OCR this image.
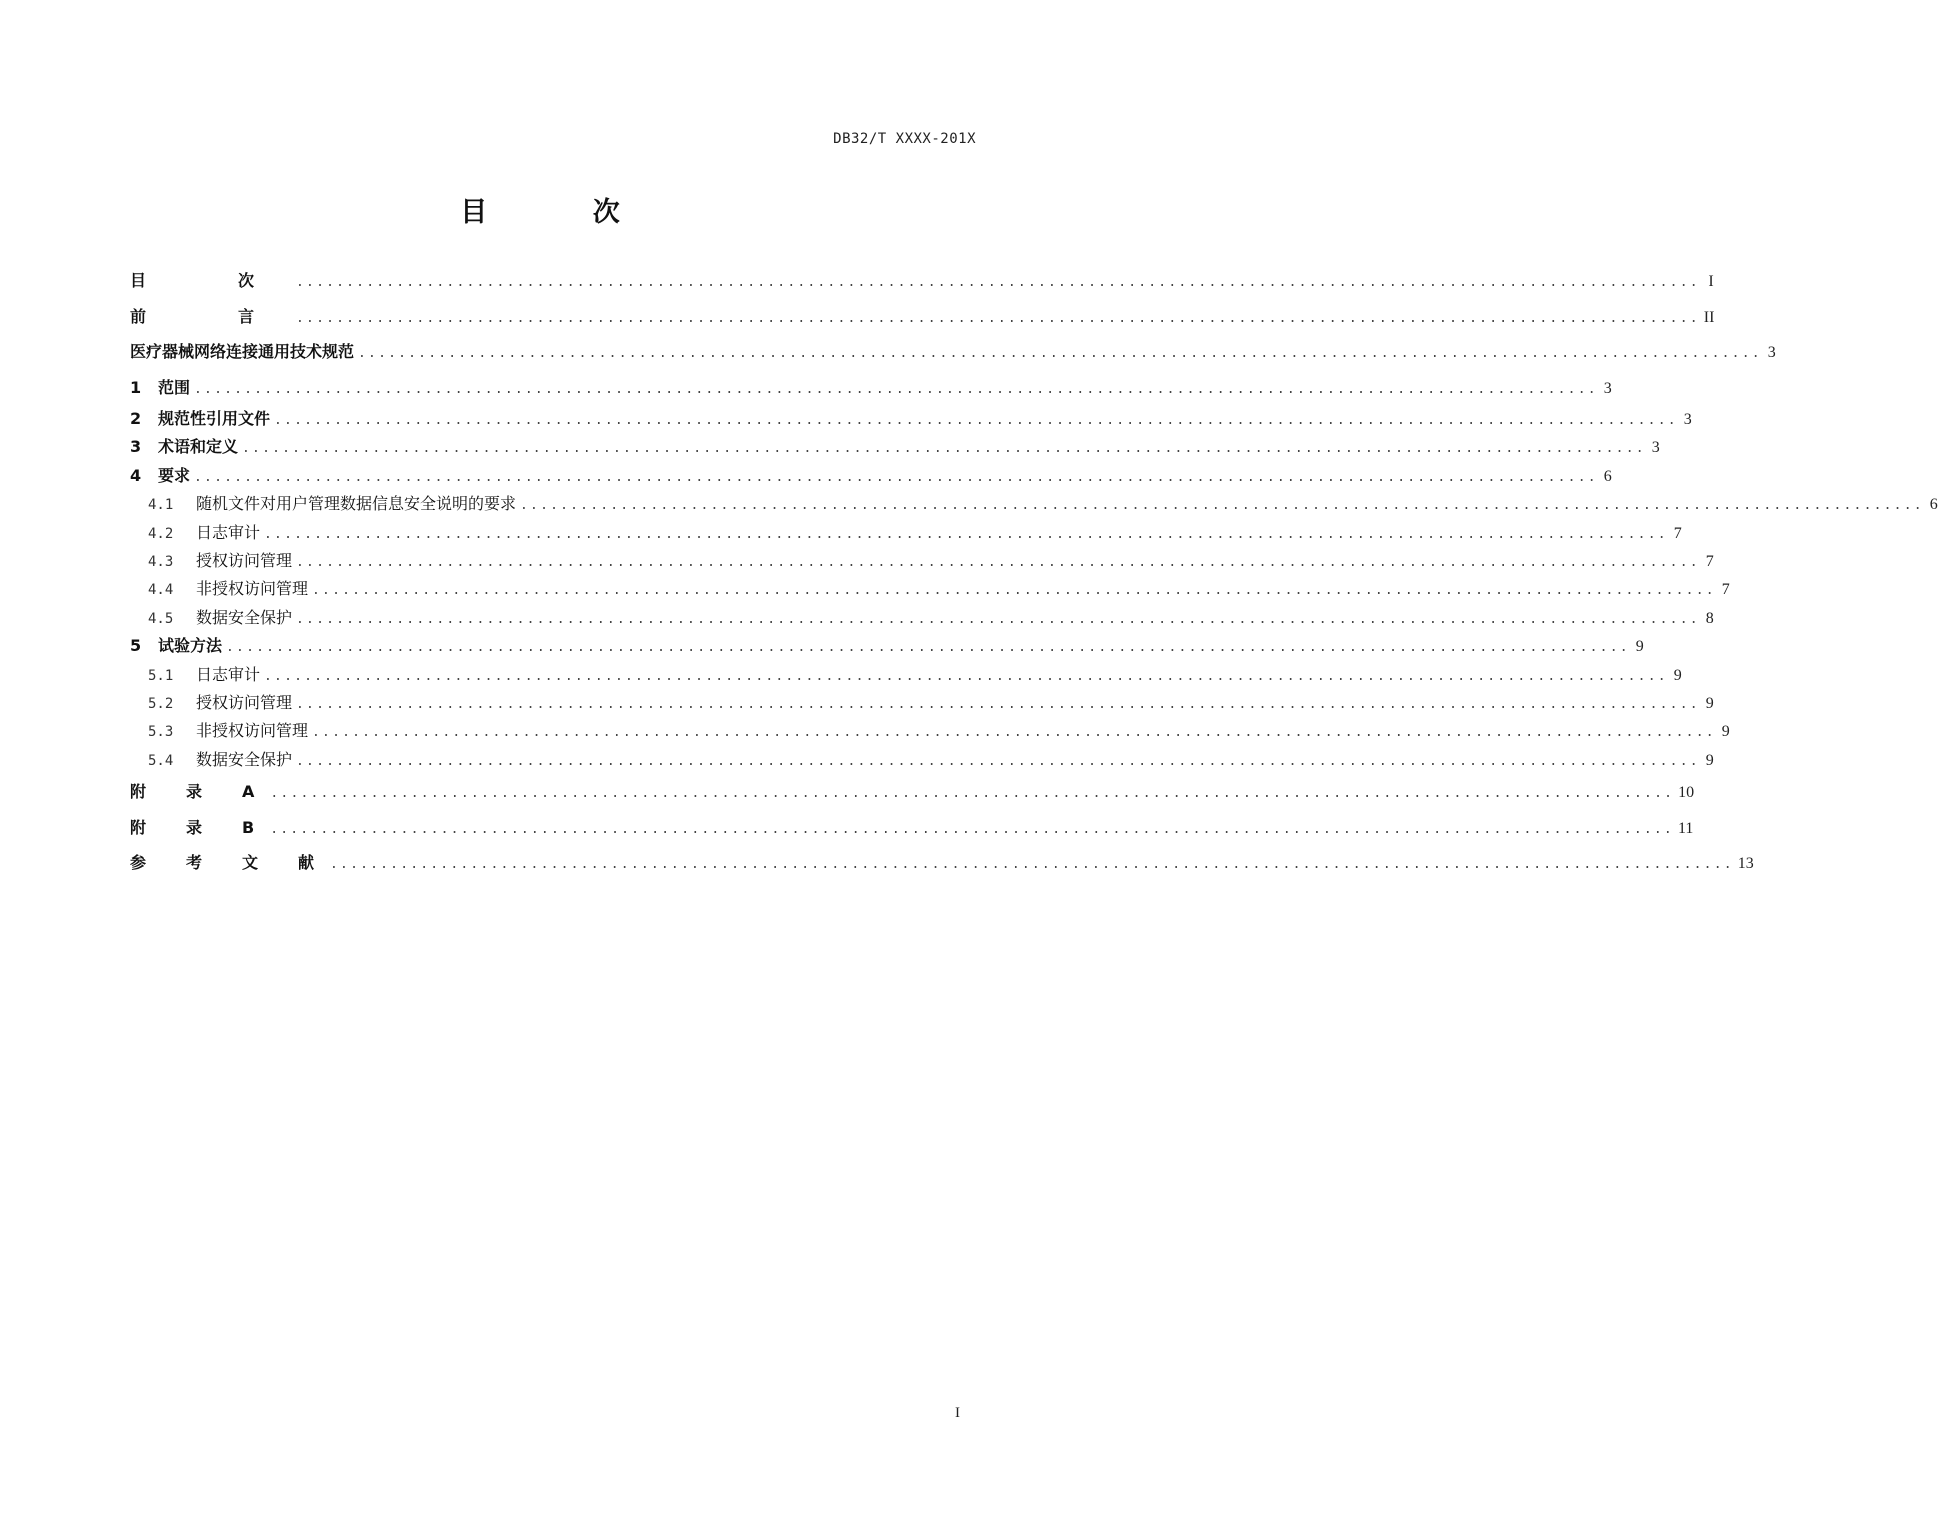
DB32/T XXXX-201X
目 次
目　次 ............................................................................................................................................ I
前　言 ............................................................................................................................................ II
医疗器械网络连接通用技术规范 ............................................................................................................................................ 3
1 范围 ............................................................................................................................................ 3
2 规范性引用文件 ............................................................................................................................................ 3
3 术语和定义 ............................................................................................................................................ 3
4 要求 ............................................................................................................................................ 6
4.1 随机文件对用户管理数据信息安全说明的要求 ............................................................................................................................................ 6
4.2 日志审计 ............................................................................................................................................ 7
4.3 授权访问管理 ............................................................................................................................................ 7
4.4 非授权访问管理 ............................................................................................................................................ 7
4.5 数据安全保护 ............................................................................................................................................ 8
5 试验方法 ............................................................................................................................................ 9
5.1 日志审计 ............................................................................................................................................ 9
5.2 授权访问管理 ............................................................................................................................................ 9
5.3 非授权访问管理 ............................................................................................................................................ 9
5.4 数据安全保护 ............................................................................................................................................ 9
附　录　A ............................................................................................................................................ 10
附　录　B ............................................................................................................................................ 11
参　考　文　献 ............................................................................................................................................ 13
I
